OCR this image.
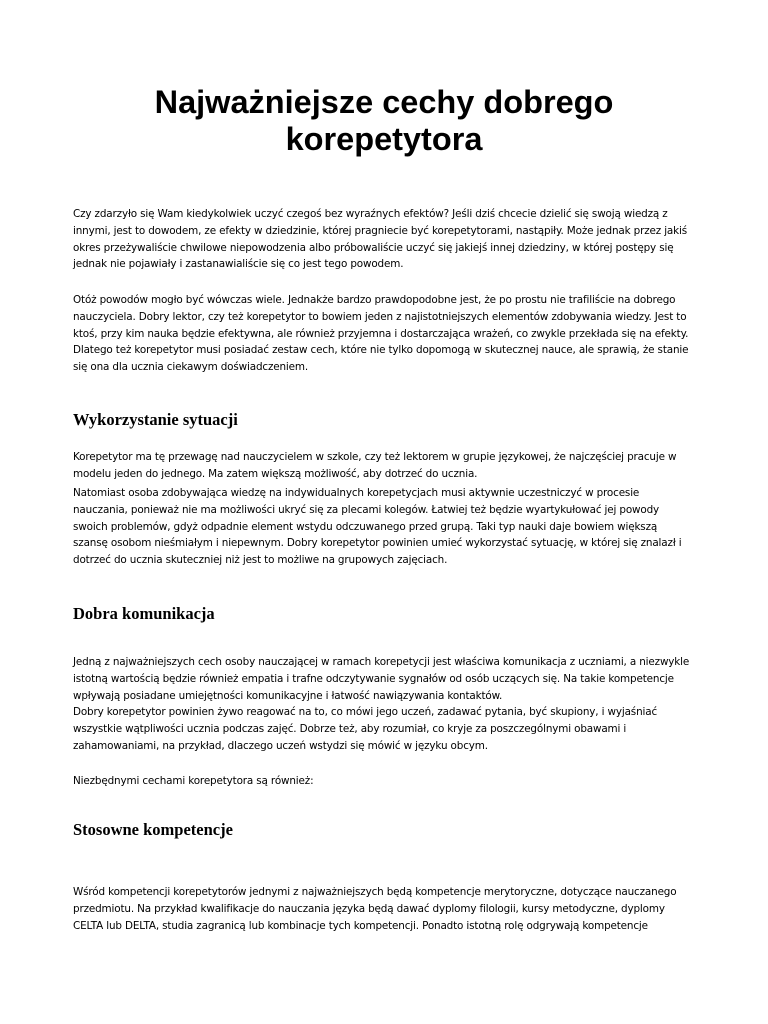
Najważniejsze cechy dobrego
korepetytora

Czy zdarzyło się Wam kiedykolwiek uczyć czegoś bez wyraźnych efektów? Jeśli dziś chcecie dzielić się swoją wiedzą z
innymi, jest to dowodem, ze efekty w dziedzinie, której pragniecie być korepetytorami, nastąpiły. Może jednak przez jakiś
okres przeżywaliście chwilowe niepowodzenia albo próbowaliście uczyć się jakiejś innej dziedziny, w której postępy się
jednak nie pojawiały i zastanawialiście się co jest tego powodem.

Otóż powodów mogło być wówczas wiele. Jednakże bardzo prawdopodobne jest, że po prostu nie trafiliście na dobrego
nauczyciela. Dobry lektor, czy też korepetytor to bowiem jeden z najistotniejszych elementów zdobywania wiedzy. Jest to
ktoś, przy kim nauka będzie efektywna, ale również przyjemna i dostarczająca wrażeń, co zwykle przekłada się na efekty.
Dlatego też korepetytor musi posiadać zestaw cech, które nie tylko dopomogą w skutecznej nauce, ale sprawią, że stanie
się ona dla ucznia ciekawym doświadczeniem.

Wykorzystanie sytuacji

Korepetytor ma tę przewagę nad nauczycielem w szkole, czy też lektorem w grupie językowej, że najczęściej pracuje w
modelu jeden do jednego. Ma zatem większą możliwość, aby dotrzeć do ucznia.

Natomiast osoba zdobywająca wiedzę na indywidualnych korepetycjach musi aktywnie uczestniczyć w procesie
nauczania, ponieważ nie ma możliwości ukryć się za plecami kolegów. Łatwiej też będzie wyartykułować jej powody
swoich problemów, gdyż odpadnie element wstydu odczuwanego przed grupą. Taki typ nauki daje bowiem większą
szansę osobom nieśmiałym i niepewnym. Dobry korepetytor powinien umieć wykorzystać sytuację, w której się znalazł i
dotrzeć do ucznia skuteczniej niż jest to możliwe na grupowych zajęciach.

Dobra komunikacja

Jedną z najważniejszych cech osoby nauczającej w ramach korepetycji jest właściwa komunikacja z uczniami, a niezwykle
istotną wartością będzie również empatia i trafne odczytywanie sygnałów od osób uczących się. Na takie kompetencje
wpływają posiadane umiejętności komunikacyjne i łatwość nawiązywania kontaktów.
Dobry korepetytor powinien żywo reagować na to, co mówi jego uczeń, zadawać pytania, być skupiony, i wyjaśniać
wszystkie wątpliwości ucznia podczas zajęć. Dobrze też, aby rozumiał, co kryje za poszczególnymi obawami i
zahamowaniami, na przykład, dlaczego uczeń wstydzi się mówić w języku obcym.

Niezbędnymi cechami korepetytora są również:

Stosowne kompetencje

Wśród kompetencji korepetytorów jednymi z najważniejszych będą kompetencje merytoryczne, dotyczące nauczanego
przedmiotu. Na przykład kwalifikacje do nauczania języka będą dawać dyplomy filologii, kursy metodyczne, dyplomy
CELTA lub DELTA, studia zagranicą lub kombinacje tych kompetencji. Ponadto istotną rolę odgrywają kompetencje
